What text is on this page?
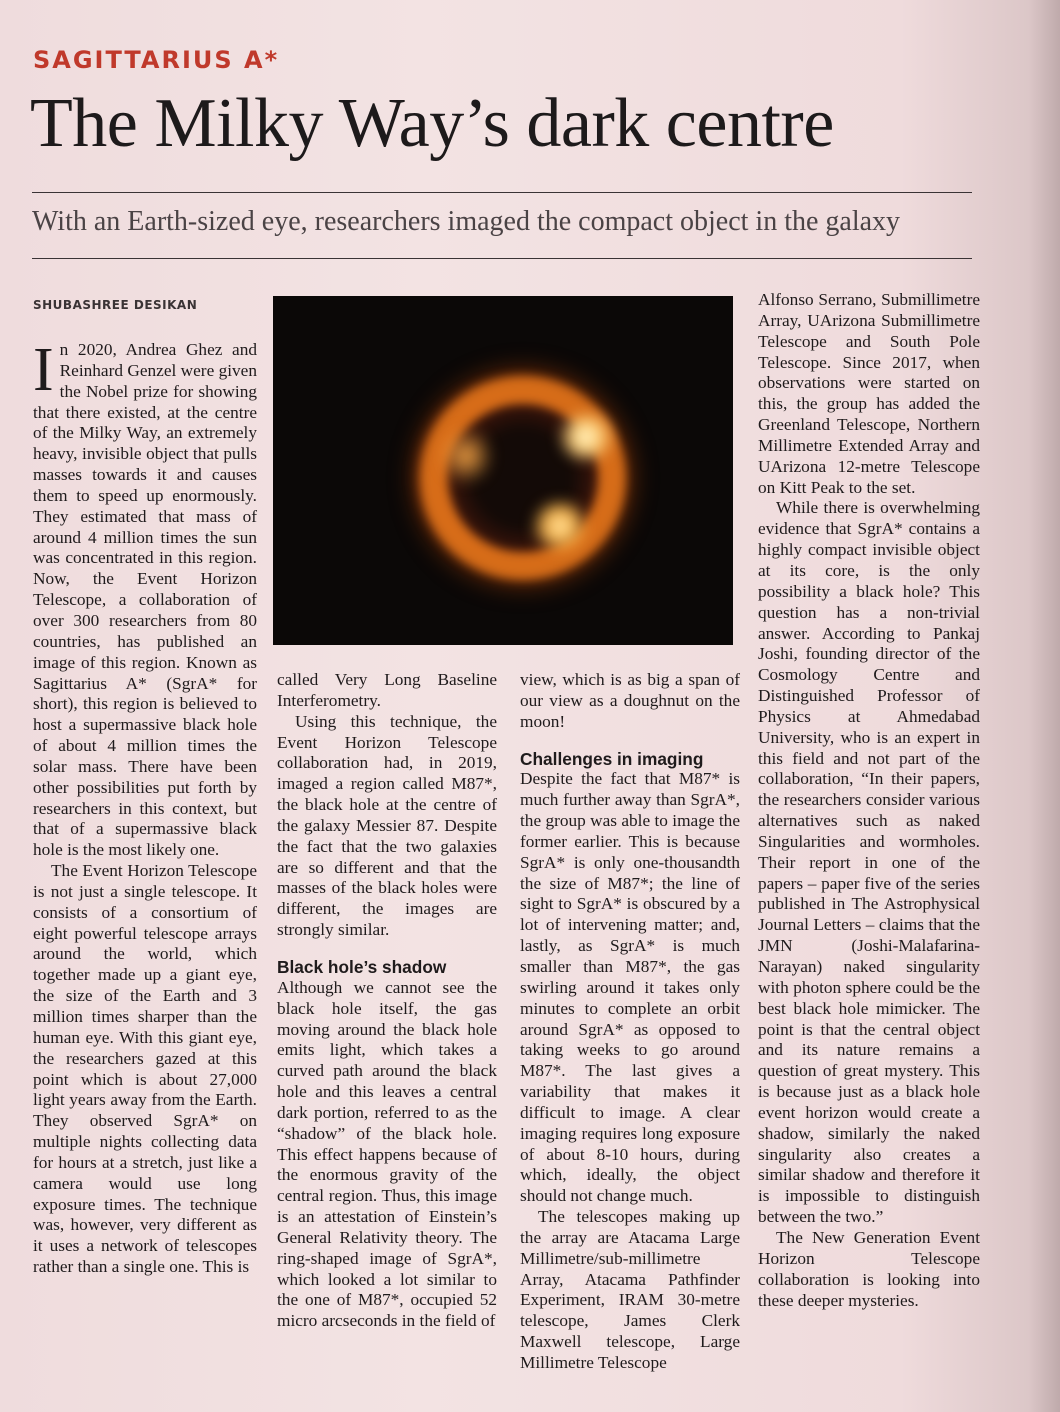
SAGITTARIUS A*
The Milky Way’s dark centre
With an Earth-sized eye, researchers imaged the compact object in the galaxy
SHUBASHREE DESIKAN

In 2020, Andrea Ghez and Reinhard Genzel were given the Nobel prize for showing that there existed, at the centre of the Milky Way, an extremely heavy, invisible object that pulls masses towards it and causes them to speed up enormously. They estimated that mass of around 4 million times the sun was concentrated in this region. Now, the Event Horizon Telescope, a collaboration of over 300 researchers from 80 countries, has published an image of this region. Known as Sagittarius A* (SgrA* for short), this region is believed to host a supermassive black hole of about 4 million times the solar mass. There have been other possibilities put forth by researchers in this context, but that of a supermassive black hole is the most likely one.

The Event Horizon Telescope is not just a single telescope. It consists of a consortium of eight powerful telescope arrays around the world, which together made up a giant eye, the size of the Earth and 3 million times sharper than the human eye. With this giant eye, the researchers gazed at this point which is about 27,000 light years away from the Earth. They observed SgrA* on multiple nights collecting data for hours at a stretch, just like a camera would use long exposure times. The technique was, however, very different as it uses a network of telescopes rather than a single one. This is

called Very Long Baseline Interferometry.

Using this technique, the Event Horizon Telescope collaboration had, in 2019, imaged a region called M87*, the black hole at the centre of the galaxy Messier 87. Despite the fact that the two galaxies are so different and that the masses of the black holes were different, the images are strongly similar.

Black hole’s shadow

Although we cannot see the black hole itself, the gas moving around the black hole emits light, which takes a curved path around the black hole and this leaves a central dark portion, referred to as the “shadow” of the black hole. This effect happens because of the enormous gravity of the central region. Thus, this image is an attestation of Einstein’s General Relativity theory. The ring-shaped image of SgrA*, which looked a lot similar to the one of M87*, occupied 52 micro arcseconds in the field of

view, which is as big a span of our view as a doughnut on the moon!

Challenges in imaging

Despite the fact that M87* is much further away than SgrA*, the group was able to image the former earlier. This is because SgrA* is only one-thousandth the size of M87*; the line of sight to SgrA* is obscured by a lot of intervening matter; and, lastly, as SgrA* is much smaller than M87*, the gas swirling around it takes only minutes to complete an orbit around SgrA* as opposed to taking weeks to go around M87*. The last gives a variability that makes it difficult to image. A clear imaging requires long exposure of about 8-10 hours, during which, ideally, the object should not change much.

The telescopes making up the array are Atacama Large Millimetre/sub-millimetre Array, Atacama Pathfinder Experiment, IRAM 30-metre telescope, James Clerk Maxwell telescope, Large Millimetre Telescope

Alfonso Serrano, Submillimetre Array, UArizona Submillimetre Telescope and South Pole Telescope. Since 2017, when observations were started on this, the group has added the Greenland Telescope, Northern Millimetre Extended Array and UArizona 12-metre Telescope on Kitt Peak to the set.

While there is overwhelming evidence that SgrA* contains a highly compact invisible object at its core, is the only possibility a black hole? This question has a non-trivial answer. According to Pankaj Joshi, founding director of the Cosmology Centre and Distinguished Professor of Physics at Ahmedabad University, who is an expert in this field and not part of the collaboration, “In their papers, the researchers consider various alternatives such as naked Singularities and wormholes. Their report in one of the papers – paper five of the series published in The Astrophysical Journal Letters – claims that the JMN (Joshi-Malafarina-Narayan) naked singularity with photon sphere could be the best black hole mimicker. The point is that the central object and its nature remains a question of great mystery. This is because just as a black hole event horizon would create a shadow, similarly the naked singularity also creates a similar shadow and therefore it is impossible to distinguish between the two.”

The New Generation Event Horizon Telescope collaboration is looking into these deeper mysteries.
